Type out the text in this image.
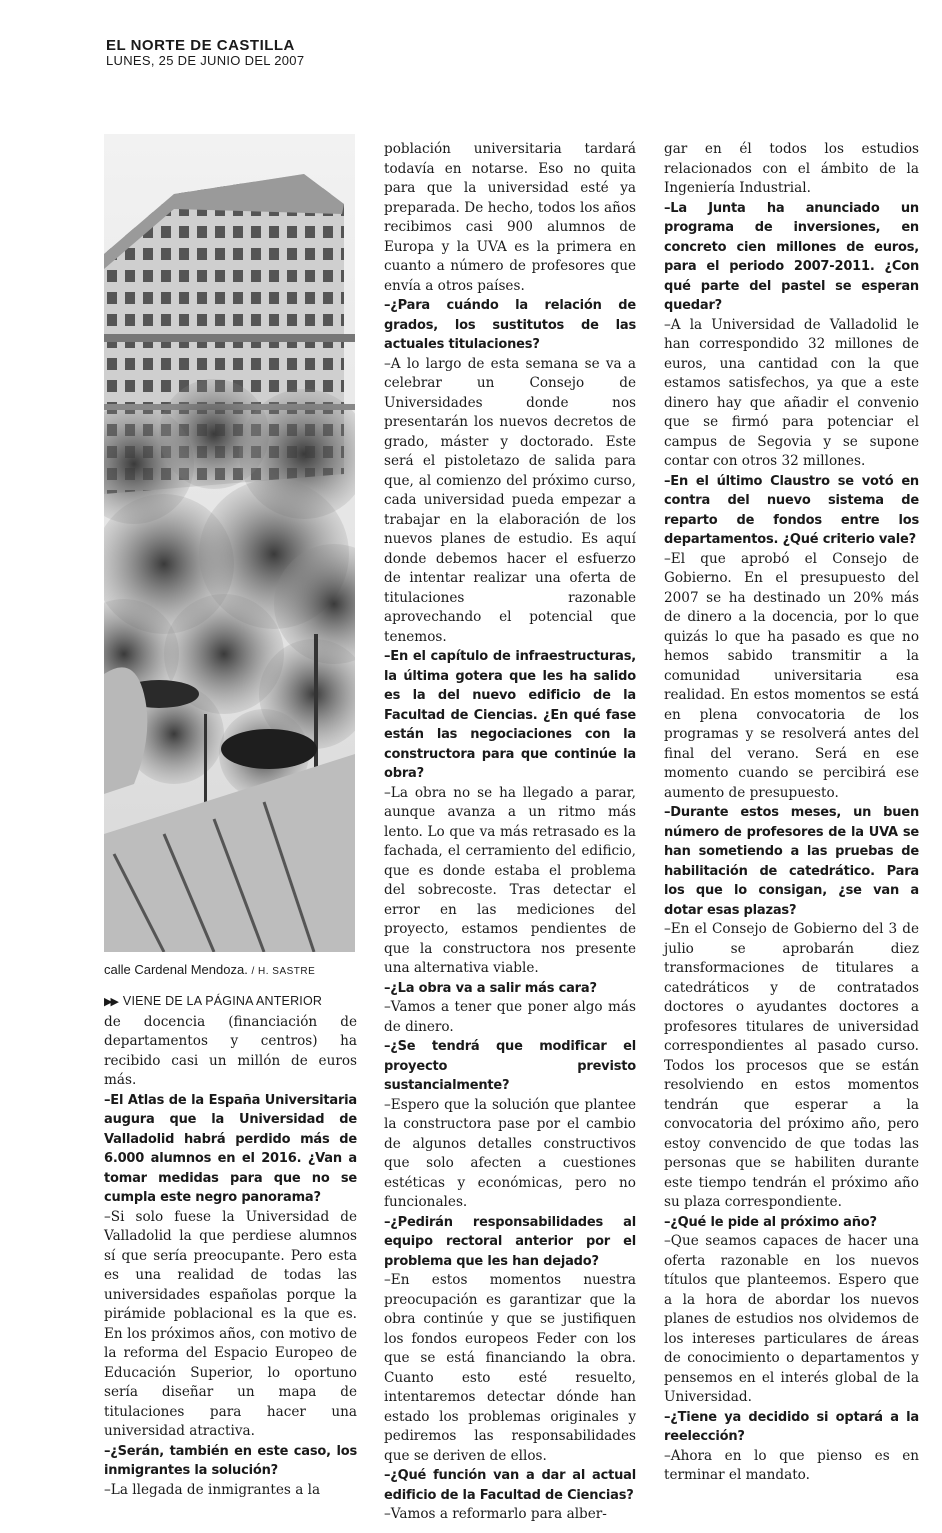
EL NORTE DE CASTILLA
LUNES, 25 DE JUNIO DEL 2007
calle Cardenal Mendoza. / H. SASTRE

▶▶ VIENE DE LA PÁGINA ANTERIOR

de docencia (financiación de departamentos y centros) ha recibido casi un millón de euros más.

–El Atlas de la España Universitaria augura que la Universidad de Valladolid habrá perdido más de 6.000 alumnos en el 2016. ¿Van a tomar medidas para que no se cumpla este negro panorama?

–Si solo fuese la Universidad de Valladolid la que perdiese alumnos sí que sería preocupante. Pero esta es una realidad de todas las universidades españolas porque la pirámide poblacional es la que es. En los próximos años, con motivo de la reforma del Espacio Europeo de Educación Superior, lo oportuno sería diseñar un mapa de titulaciones para hacer una universidad atractiva.

–¿Serán, también en este caso, los inmigrantes la solución?

–La llegada de inmigrantes a la

población universitaria tardará todavía en notarse. Eso no quita para que la universidad esté ya preparada. De hecho, todos los años recibimos casi 900 alumnos de Europa y la UVA es la primera en cuanto a número de profesores que envía a otros países.

–¿Para cuándo la relación de grados, los sustitutos de las actuales titulaciones?

–A lo largo de esta semana se va a celebrar un Consejo de Universidades donde nos presentarán los nuevos decretos de grado, máster y doctorado. Este será el pistoletazo de salida para que, al comienzo del próximo curso, cada universidad pueda empezar a trabajar en la elaboración de los nuevos planes de estudio. Es aquí donde debemos hacer el esfuerzo de intentar realizar una oferta de titulaciones razonable aprovechando el potencial que tenemos.

–En el capítulo de infraestructuras, la última gotera que les ha salido es la del nuevo edificio de la Facultad de Ciencias. ¿En qué fase están las negociaciones con la constructora para que continúe la obra?

–La obra no se ha llegado a parar, aunque avanza a un ritmo más lento. Lo que va más retrasado es la fachada, el cerramiento del edificio, que es donde estaba el problema del sobrecoste. Tras detectar el error en las mediciones del proyecto, estamos pendientes de que la constructora nos presente una alternativa viable.

–¿La obra va a salir más cara?

–Vamos a tener que poner algo más de dinero.

–¿Se tendrá que modificar el proyecto previsto sustancialmente?

–Espero que la solución que plantee la constructora pase por el cambio de algunos detalles constructivos que solo afecten a cuestiones estéticas y económicas, pero no funcionales.

–¿Pedirán responsabilidades al equipo rectoral anterior por el problema que les han dejado?

–En estos momentos nuestra preocupación es garantizar que la obra continúe y que se justifiquen los fondos europeos Feder con los que se está financiando la obra. Cuanto esto esté resuelto, intentaremos detectar dónde han estado los problemas originales y pediremos las responsabilidades que se deriven de ellos.

–¿Qué función van a dar al actual edificio de la Facultad de Ciencias?

–Vamos a reformarlo para alber-

gar en él todos los estudios relacionados con el ámbito de la Ingeniería Industrial.

–La Junta ha anunciado un programa de inversiones, en concreto cien millones de euros, para el periodo 2007-2011. ¿Con qué parte del pastel se esperan quedar?

–A la Universidad de Valladolid le han correspondido 32 millones de euros, una cantidad con la que estamos satisfechos, ya que a este dinero hay que añadir el convenio que se firmó para potenciar el campus de Segovia y se supone contar con otros 32 millones.

–En el último Claustro se votó en contra del nuevo sistema de reparto de fondos entre los departamentos. ¿Qué criterio vale?

–El que aprobó el Consejo de Gobierno. En el presupuesto del 2007 se ha destinado un 20% más de dinero a la docencia, por lo que quizás lo que ha pasado es que no hemos sabido transmitir a la comunidad universitaria esa realidad. En estos momentos se está en plena convocatoria de los programas y se resolverá antes del final del verano. Será en ese momento cuando se percibirá ese aumento de presupuesto.

–Durante estos meses, un buen número de profesores de la UVA se han sometiendo a las pruebas de habilitación de catedrático. Para los que lo consigan, ¿se van a dotar esas plazas?

–En el Consejo de Gobierno del 3 de julio se aprobarán diez transformaciones de titulares a catedráticos y de contratados doctores o ayudantes doctores a profesores titulares de universidad correspondientes al pasado curso. Todos los procesos que se están resolviendo en estos momentos tendrán que esperar a la convocatoria del próximo año, pero estoy convencido de que todas las personas que se habiliten durante este tiempo tendrán el próximo año su plaza correspondiente.

–¿Qué le pide al próximo año?

–Que seamos capaces de hacer una oferta razonable en los nuevos títulos que planteemos. Espero que a la hora de abordar los nuevos planes de estudios nos olvidemos de los intereses particulares de áreas de conocimiento o departamentos y pensemos en el interés global de la Universidad.

–¿Tiene ya decidido si optará a la reelección?

–Ahora en lo que pienso es en terminar el mandato.
